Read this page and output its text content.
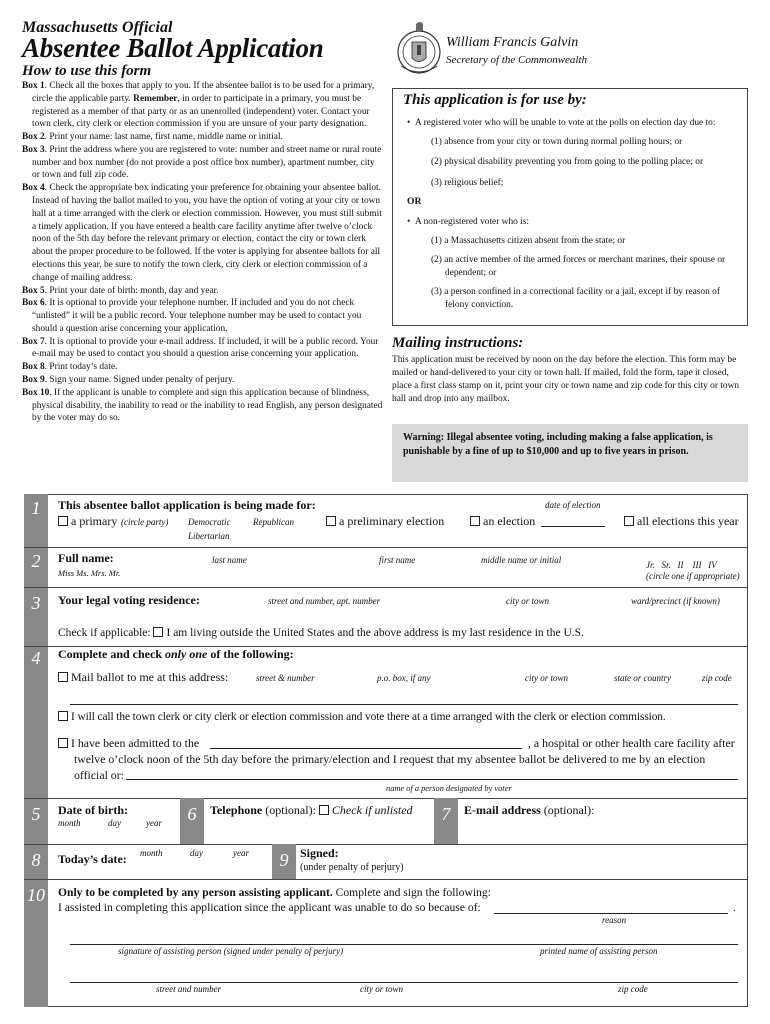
Massachusetts Official
Absentee Ballot Application
How to use this form
William Francis Galvin
Secretary of the Commonwealth
Box 1. Check all the boxes that apply to you. If the absentee ballot is to be used for a primary, circle the applicable party. Remember, in order to participate in a primary, you must be registered as a member of that party or as an unenrolled (independent) voter. Contact your town clerk, city clerk or election commission if you are unsure of your party designation.
Box 2. Print your name: last name, first name, middle name or initial.
Box 3. Print the address where you are registered to vote: number and street name or rural route number and box number (do not provide a post office box number), apartment number, city or town and full zip code.
Box 4. Check the appropriate box indicating your preference for obtaining your absentee ballot. Instead of having the ballot mailed to you, you have the option of voting at your city or town hall at a time arranged with the clerk or election commission. However, you must still submit a timely application. If you have entered a health care facility anytime after twelve o’clock noon of the 5th day before the relevant primary or election, contact the city or town clerk about the proper procedure to be followed. If the voter is applying for absentee ballots for all elections this year, be sure to notify the town clerk, city clerk or election commission of a change of mailing address.
Box 5. Print your date of birth: month, day and year.
Box 6. It is optional to provide your telephone number. If included and you do not check “unlisted” it will be a public record. Your telephone number may be used to contact you should a question arise concerning your application.
Box 7. It is optional to provide your e-mail address. If included, it will be a public record. Your e-mail may be used to contact you should a question arise concerning your application.
Box 8. Print today’s date.
Box 9. Sign your name. Signed under penalty of perjury.
Box 10. If the applicant is unable to complete and sign this application because of blindness, physical disability, the inability to read or the inability to read English, any person designated by the voter may do so.
This application is for use by:
•  A registered voter who will be unable to vote at the polls on election day due to:

(1) absence from your city or town during normal polling hours; or

(2) physical disability preventing you from going to the polling place; or

(3) religious belief;

OR
•  A non-registered voter who is:

(1) a Massachusetts citizen absent from the state; or

(2) an active member of the armed forces or merchant marines, their spouse or dependent; or

(3) a person confined in a correctional facility or a jail, except if by reason of felony conviction.

Mailing instructions:
This application must be received by noon on the day before the election. This form may be mailed or hand-delivered to your city or town hall. If mailed, fold the form, tape it closed, place a first class stamp on it, print your city or town name and zip code for this city or town hall and drop into any mailbox.
Warning: Illegal absentee voting, including making a false application, is punishable by a fine of up to $10,000 and up to five years in prison.
1
2
3
4
5
8
10
This absentee ballot application is being made for:	date of election
a primary (circle party) Democratic	Republican
Libertarian
a preliminary election	an election	all elections this year
Full name:
Miss Ms. Mrs. Mr.
last name	first name	middle name or initial	Jr.   Sr.   II    III   IV
(circle one if appropriate)
Your legal voting residence:	street and number, apt. number	city or town	ward/precinct (if known)
Check if applicable: I am living outside the United States and the above address is my last residence in the U.S.
Complete and check only one of the following:
Mail ballot to me at this address:	street & number	p.o. box, if any	city or town	state or country	zip code
I will call the town clerk or city clerk or election commission and vote there at a time arranged with the clerk or election commission.
I have been admitted to the	, a hospital or other health care facility after
twelve o’clock noon of the 5th day before the primary/election and I request that my absentee ballot be delivered to me by an election
official or:
name of a person designated by voter
Date of birth:
month	day	year	6	Telephone (optional): Check if unlisted	7	E-mail address (optional):
Today’s date: month	day	year	9 Signed:
(under penalty of perjury)
Only to be completed by any person assisting applicant. Complete and sign the following:
I assisted in completing this application since the applicant was unable to do so because of:	.
reason
signature of assisting person (signed under penalty of perjury)	printed name of assisting person
street and number	city or town	zip code
